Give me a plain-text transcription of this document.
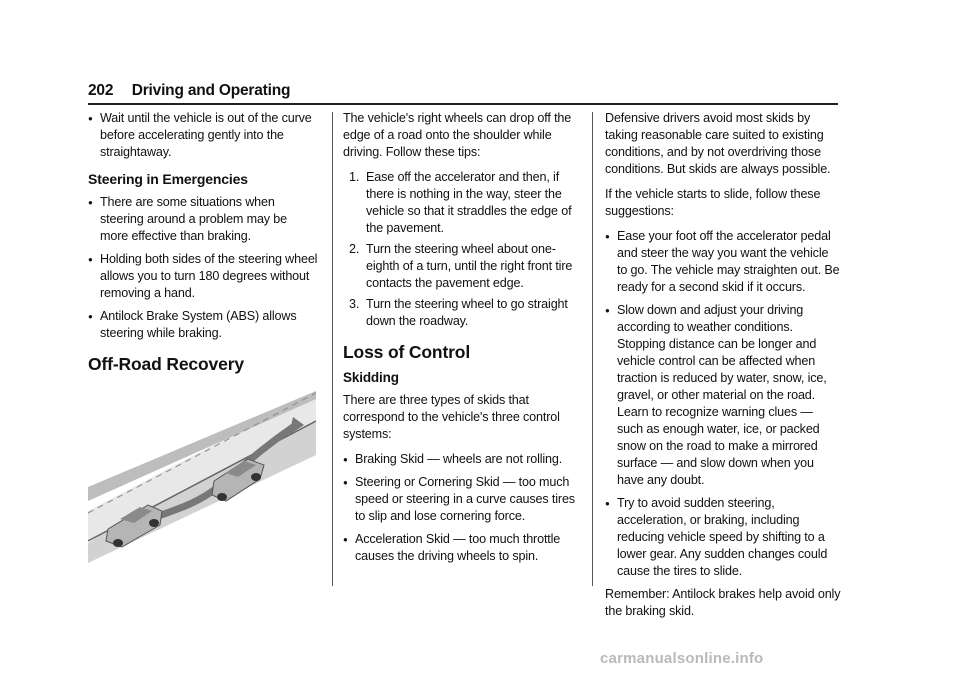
202 Driving and Operating
● Wait until the vehicle is out of the curve before accelerating gently into the straightaway.
Steering in Emergencies
● There are some situations when steering around a problem may be more effective than braking.
● Holding both sides of the steering wheel allows you to turn 180 degrees without removing a hand.
● Antilock Brake System (ABS) allows steering while braking.
Off-Road Recovery

The vehicle's right wheels can drop off the edge of a road onto the shoulder while driving. Follow these tips:

1. Ease off the accelerator and then, if there is nothing in the way, steer the vehicle so that it straddles the edge of the pavement.
2. Turn the steering wheel about one-eighth of a turn, until the right front tire contacts the pavement edge.
3. Turn the steering wheel to go straight down the roadway.
Loss of Control
Skidding

There are three types of skids that correspond to the vehicle's three control systems:

● Braking Skid — wheels are not rolling.
● Steering or Cornering Skid — too much speed or steering in a curve causes tires to slip and lose cornering force.
● Acceleration Skid — too much throttle causes the driving wheels to spin.

Defensive drivers avoid most skids by taking reasonable care suited to existing conditions, and by not overdriving those conditions. But skids are always possible.

If the vehicle starts to slide, follow these suggestions:

● Ease your foot off the accelerator pedal and steer the way you want the vehicle to go. The vehicle may straighten out. Be ready for a second skid if it occurs.
● Slow down and adjust your driving according to weather conditions. Stopping distance can be longer and vehicle control can be affected when traction is reduced by water, snow, ice, gravel, or other material on the road. Learn to recognize warning clues — such as enough water, ice, or packed snow on the road to make a mirrored surface — and slow down when you have any doubt.
● Try to avoid sudden steering, acceleration, or braking, including reducing vehicle speed by shifting to a lower gear. Any sudden changes could cause the tires to slide.

Remember: Antilock brakes help avoid only the braking skid.

carmanualsonline.info
